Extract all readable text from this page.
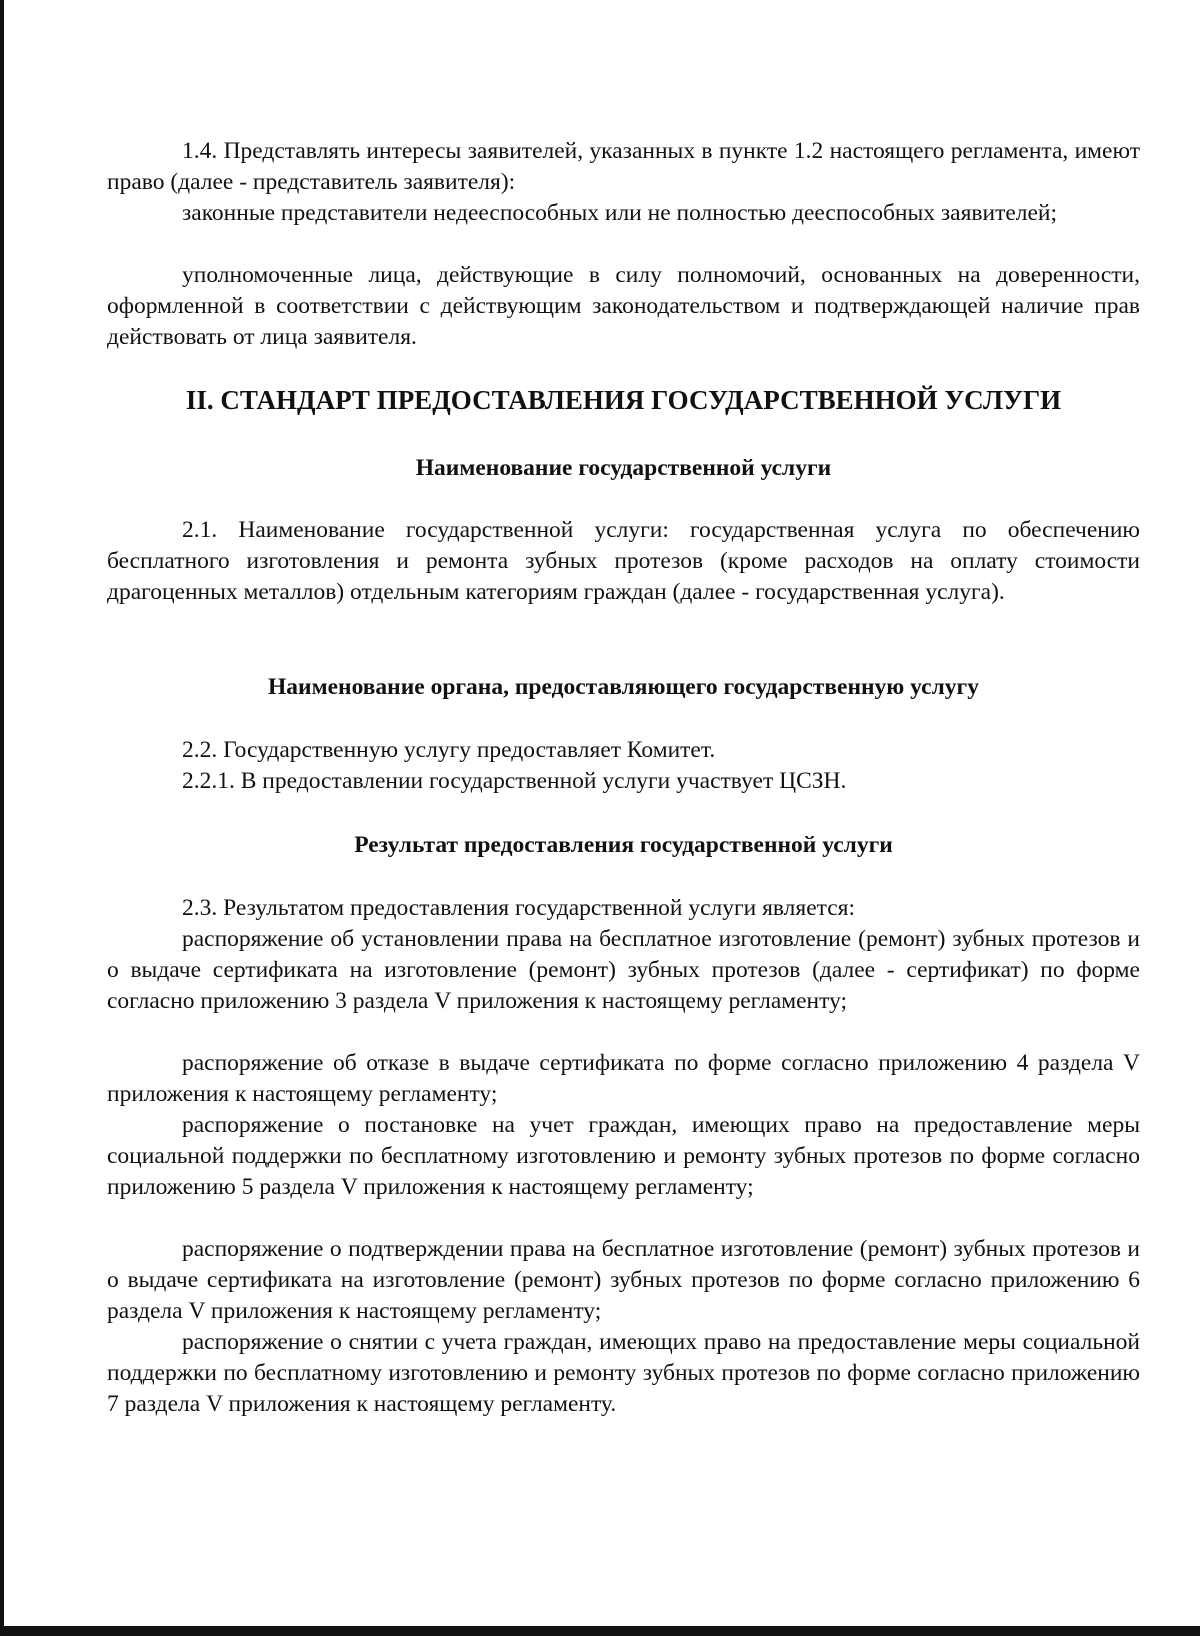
1.4. Представлять интересы заявителей, указанных в пункте 1.2 настоящего регламента, имеют право (далее - представитель заявителя):

законные представители недееспособных или не полностью дееспособных заявителей;

уполномоченные лица, действующие в силу полномочий, основанных на доверенности, оформленной в соответствии с действующим законодательством и подтверждающей наличие прав действовать от лица заявителя.

II. СТАНДАРТ ПРЕДОСТАВЛЕНИЯ ГОСУДАРСТВЕННОЙ УСЛУГИ
Наименование государственной услуги

2.1. Наименование государственной услуги: государственная услуга по обеспечению бесплатного изготовления и ремонта зубных протезов (кроме расходов на оплату стоимости драгоценных металлов) отдельным категориям граждан (далее - государственная услуга).

Наименование органа, предоставляющего государственную услугу

2.2. Государственную услугу предоставляет Комитет.

2.2.1. В предоставлении государственной услуги участвует ЦСЗН.

Результат предоставления государственной услуги

2.3. Результатом предоставления государственной услуги является:

распоряжение об установлении права на бесплатное изготовление (ремонт) зубных протезов и о выдаче сертификата на изготовление (ремонт) зубных протезов (далее - сертификат) по форме согласно приложению 3 раздела V приложения к настоящему регламенту;

распоряжение об отказе в выдаче сертификата по форме согласно приложению 4 раздела V приложения к настоящему регламенту;

распоряжение о постановке на учет граждан, имеющих право на предоставление меры социальной поддержки по бесплатному изготовлению и ремонту зубных протезов по форме согласно приложению 5 раздела V приложения к настоящему регламенту;

распоряжение о подтверждении права на бесплатное изготовление (ремонт) зубных протезов и о выдаче сертификата на изготовление (ремонт) зубных протезов по форме согласно приложению 6 раздела V приложения к настоящему регламенту;

распоряжение о снятии с учета граждан, имеющих право на предоставление меры социальной поддержки по бесплатному изготовлению и ремонту зубных протезов по форме согласно приложению 7 раздела V приложения к настоящему регламенту.
